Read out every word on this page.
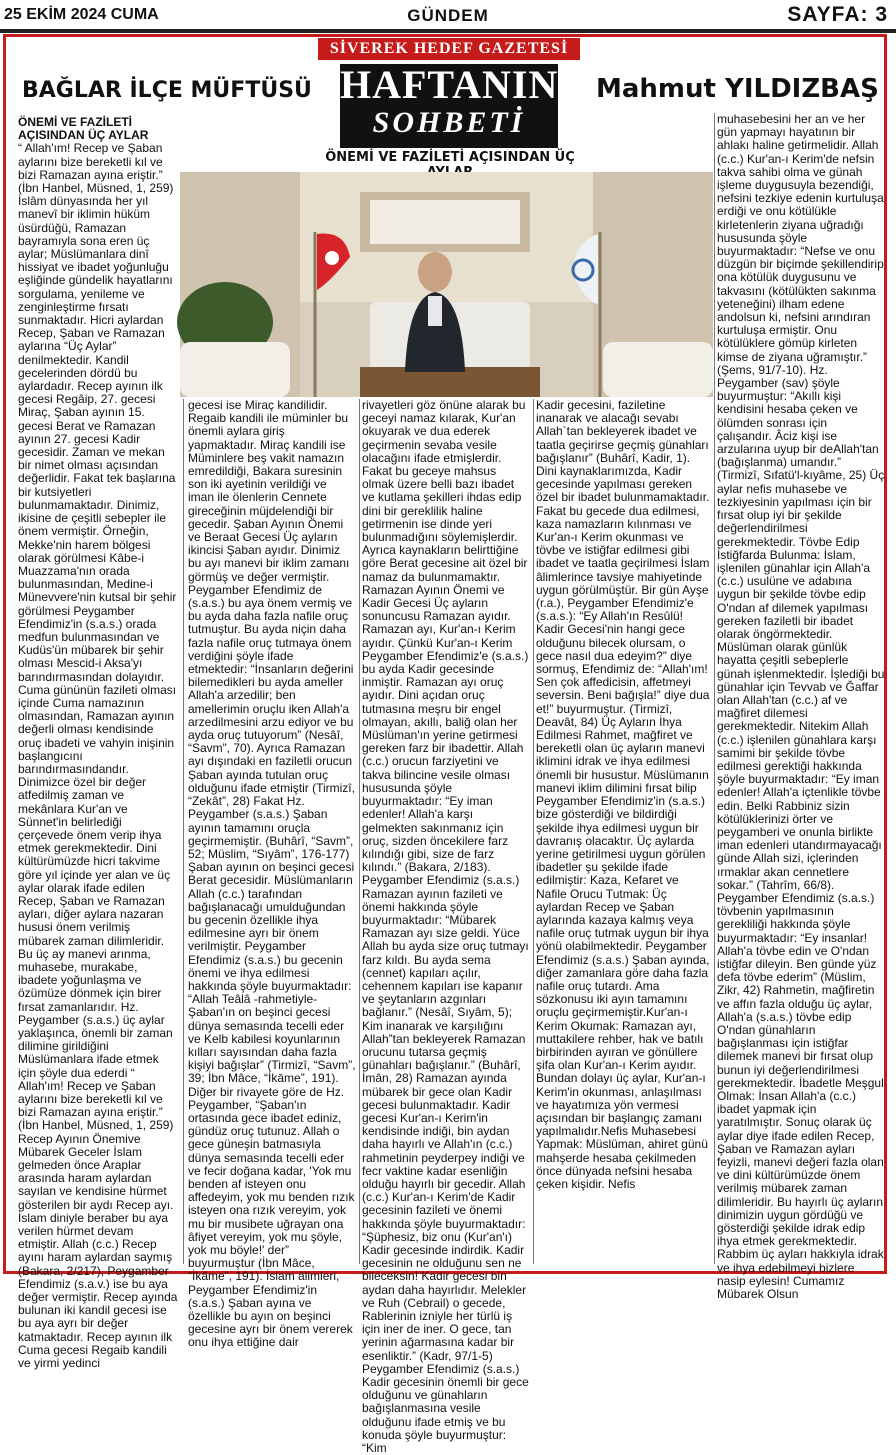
25 EKİM 2024 CUMA	GÜNDEM	SAYFA: 3
SİVEREK HEDEF GAZETESİ
BAĞLAR İLÇE MÜFTÜSÜ HAFTANIN
SOHBETİ
Mahmut YILDIZBAŞ
ÖNEMİ VE FAZİLETİ AÇISINDAN ÜÇ

ÖNEMİ VE FAZİLETİ AÇISINDAN ÜÇ AYLAR

“ Allah'ım! Recep ve Şaban aylarını bize bereketli kıl ve bizi Ramazan ayına eriştir.” (İbn Hanbel, Müsned, 1, 259) İslâm dünyasında her yıl manevî bir iklimin hüküm üsürdüğü, Ramazan bayramıyla sona eren üç aylar; Müslümanlara dinî hissiyat ve ibadet yoğunluğu eşliğinde gündelik hayatlarını sorgulama, yenileme ve zenginleştirme fırsatı sunmaktadır. Hicri aylardan Recep, Şaban ve Ramazan aylarına “Üç Aylar” denilmektedir. Kandil gecelerinden dördü bu aylardadır. Recep ayının ilk gecesi Regâip, 27. gecesi Miraç, Şaban ayının 15. gecesi Berat ve Ramazan ayının 27. gecesi Kadir gecesidir. Zaman ve mekan bir nimet olması açısından değerlidir. Fakat tek başlarına bir kutsiyetleri bulunmamaktadır. Dinimiz, ikisine de çeşitli sebepler ile önem vermiştir. Örneğin, Mekke'nin harem bölgesi olarak görülmesi Kâbe-i Muazzama'nın orada bulunmasından, Medine-i Münevvere'nin kutsal bir şehir görülmesi Peygamber Efendimiz'in (s.a.s.) orada medfun bulunmasından ve Kudüs'ün mübarek bir şehir olması Mescid-i Aksa'yı barındırmasından dolayıdır. Cuma gününün fazileti olması içinde Cuma namazının olmasından, Ramazan ayının değerli olması kendisinde oruç ibadeti ve vahyin inişinin başlangıcını barındırmasındandır. Dinimizce özel bir değer atfedilmiş zaman ve mekânlara Kur'an ve Sünnet'in belirlediği çerçevede önem verip ihya etmek gerekmektedir. Dini kültürümüzde hicri takvime göre yıl içinde yer alan ve üç aylar olarak ifade edilen Recep, Şaban ve Ramazan ayları, diğer aylara nazaran hususi önem verilmiş mübarek zaman dilimleridir. Bu üç ay manevi arınma, muhasebe, murakabe, ibadete yoğunlaşma ve özümüze dönmek için birer fırsat zamanlarıdır. Hz. Peygamber (s.a.s.) üç aylar yaklaşınca, önemli bir zaman dilimine girildiğini Müslümanlara ifade etmek için şöyle dua ederdi “ Allah'ım! Recep ve Şaban aylarını bize bereketli kıl ve bizi Ramazan ayına eriştir.” (İbn Hanbel, Müsned, 1, 259) Recep Ayının Önemive Mübarek Geceler İslam gelmeden önce Araplar arasında haram aylardan sayılan ve kendisine hürmet gösterilen bir aydı Recep ayı. İslam diniyle beraber bu aya verilen hürmet devam etmiştir. Allah (c.c.) Recep ayını haram aylardan saymış (Bakara, 2/217), Peygamber Efendimiz (s.a.v.) ise bu aya değer vermiştir. Recep ayında bulunan iki kandil gecesi ise bu aya ayrı bir değer katmaktadır. Recep ayının ilk Cuma gecesi Regaib kandili ve yirmi yedinci

gecesi ise Miraç kandilidir. Regaib kandili ile müminler bu önemli aylara giriş yapmaktadır. Miraç kandili ise Müminlere beş vakit namazın emredildiği, Bakara suresinin son iki ayetinin verildiği ve iman ile ölenlerin Cennete gireceğinin müjdelendiği bir gecedir. Şaban Ayının Önemi ve Beraat Gecesi Üç ayların ikincisi Şaban ayıdır. Dinimiz bu ayı manevi bir iklim zamanı görmüş ve değer vermiştir. Peygamber Efendimiz de (s.a.s.) bu aya önem vermiş ve bu ayda daha fazla nafile oruç tutmuştur. Bu ayda niçin daha fazla nafile oruç tutmaya önem verdiğini şöyle ifade etmektedir: “İnsanların değerini bilemedikleri bu ayda ameller Allah'a arzedilir; ben amellerimin oruçlu iken Allah'a arzedilmesini arzu ediyor ve bu ayda oruç tutuyorum” (Nesâî, “Savm”, 70). Ayrıca Ramazan ayı dışındaki en faziletli orucun Şaban ayında tutulan oruç olduğunu ifade etmiştir (Tirmizî, “Zekât”, 28) Fakat Hz. Peygamber (s.a.s.) Şaban ayının tamamını oruçla geçirmemiştir. (Buhârî, “Savm”, 52; Müslim, “Sıyâm”, 176-177) Şaban ayının on beşinci gecesi Berat gecesidir. Müslümanların Allah (c.c.) tarafından bağışlanacağı umulduğundan bu gecenin özellikle ihya edilmesine ayrı bir önem verilmiştir. Peygamber Efendimiz (s.a.s.) bu gecenin önemi ve ihya edilmesi hakkında şöyle buyurmaktadır: “Allah Teâlâ -rahmetiyle- Şaban'ın on beşinci gecesi dünya semasında tecelli eder ve Kelb kabilesi koyunlarının kılları sayısından daha fazla kişiyi bağışlar” (Tirmizî, “Savm”, 39; İbn Mâce, “İkāme”, 191). Diğer bir rivayete göre de Hz. Peygamber, “Şaban'ın ortasında gece ibadet ediniz, gündüz oruç tutunuz. Allah o gece güneşin batmasıyla dünya semasında tecelli eder ve fecir doğana kadar, 'Yok mu benden af isteyen onu affedeyim, yok mu benden rızık isteyen ona rızık vereyim, yok mu bir musibete uğrayan ona âfiyet vereyim, yok mu şöyle, yok mu böyle!' der” buyurmuştur (İbn Mâce, “İkāme”, 191). İslam âlimleri, Peygamber Efendimiz'in (s.a.s.) Şaban ayına ve özellikle bu ayın on beşinci gecesine ayrı bir önem vererek onu ihya ettiğine dair

rivayetleri göz önüne alarak bu geceyi namaz kılarak, Kur'an okuyarak ve dua ederek geçirmenin sevaba vesile olacağını ifade etmişlerdir. Fakat bu geceye mahsus olmak üzere belli bazı ibadet ve kutlama şekilleri ihdas edip dini bir gereklilik haline getirmenin ise dinde yeri bulunmadığını söylemişlerdir. Ayrıca kaynakların belirttiğine göre Berat gecesine ait özel bir namaz da bulunmamaktır. Ramazan Ayının Önemi ve Kadir Gecesi Üç ayların sonuncusu Ramazan ayıdır. Ramazan ayı, Kur'an-ı Kerim ayıdır. Çünkü Kur'an-ı Kerim Peygamber Efendimiz'e (s.a.s.) bu ayda Kadir gecesinde inmiştir. Ramazan ayı oruç ayıdır. Dini açıdan oruç tutmasına meşru bir engel olmayan, akıllı, baliğ olan her Müslüman'ın yerine getirmesi gereken farz bir ibadettir. Allah (c.c.) orucun farziyetini ve takva bilincine vesile olması hususunda şöyle buyurmaktadır: “Ey iman edenler! Allah'a karşı gelmekten sakınmanız için oruç, sizden öncekilere farz kılındığı gibi, size de farz kılındı.” (Bakara, 2/183). Peygamber Efendimiz (s.a.s.) Ramazan ayının fazileti ve önemi hakkında şöyle buyurmaktadır: “Mübarek Ramazan ayı size geldi. Yüce Allah bu ayda size oruç tutmayı farz kıldı. Bu ayda sema (cennet) kapıları açılır, cehennem kapıları ise kapanır ve şeytanların azgınları bağlanır.” (Nesâî, Sıyâm, 5); Kim inanarak ve karşılığını Allah”tan bekleyerek Ramazan orucunu tutarsa geçmiş günahları bağışlanır.” (Buhârî, İmân, 28) Ramazan ayında mübarek bir gece olan Kadir gecesi bulunmaktadır. Kadir gecesi Kur'an-ı Kerim'in kendisinde indiği, bin aydan daha hayırlı ve Allah'ın (c.c.) rahmetinin peyderpey indiği ve fecr vaktine kadar esenliğin olduğu hayırlı bir gecedir. Allah (c.c.) Kur'an-ı Kerim'de Kadir gecesinin fazileti ve önemi hakkında şöyle buyurmaktadır: “Şüphesiz, biz onu (Kur'an'ı) Kadir gecesinde indirdik. Kadir gecesinin ne olduğunu sen ne bileceksin! Kadir gecesi bin aydan daha hayırlıdır. Melekler ve Ruh (Cebrail) o gecede, Rablerinin izniyle her türlü iş için iner de iner. O gece, tan yerinin ağarmasına kadar bir esenliktir.” (Kadr, 97/1-5) Peygamber Efendimiz (s.a.s.) Kadir gecesinin önemli bir gece olduğunu ve günahların bağışlanmasına vesile olduğunu ifade etmiş ve bu konuda şöyle buyurmuştur: “Kim

Kadir gecesini, faziletine inanarak ve alacağı sevabı Allah`tan bekleyerek ibadet ve taatla geçirirse geçmiş günahları bağışlanır” (Buhârî, Kadir, 1). Dini kaynaklarımızda, Kadir gecesinde yapılması gereken özel bir ibadet bulunmamaktadır. Fakat bu gecede dua edilmesi, kaza namazların kılınması ve Kur'an-ı Kerim okunması ve tövbe ve istiğfar edilmesi gibi ibadet ve taatla geçirilmesi İslam âlimlerince tavsiye mahiyetinde uygun görülmüştür. Bir gün Ayşe (r.a.), Peygamber Efendimiz'e (s.a.s.): “Ey Allah'ın Resûlü! Kadir Gecesi'nin hangi gece olduğunu bilecek olursam, o gece nasıl dua edeyim?” diye sormuş, Efendimiz de: “Allah'ım! Sen çok affedicisin, affetmeyi seversin. Beni bağışla!” diye dua et!” buyurmuştur. (Tirmizî, Deavât, 84) Üç Ayların İhya Edilmesi Rahmet, mağfiret ve bereketli olan üç ayların manevi iklimini idrak ve ihya edilmesi önemli bir husustur. Müslümanın manevi iklim dilimini fırsat bilip Peygamber Efendimiz'in (s.a.s.) bize gösterdiği ve bildirdiği şekilde ihya edilmesi uygun bir davranış olacaktır. Üç aylarda yerine getirilmesi uygun görülen ibadetler şu şekilde ifade edilmiştir: Kaza, Kefaret ve Nafile Orucu Tutmak: Üç aylardan Recep ve Şaban aylarında kazaya kalmış veya nafile oruç tutmak uygun bir ihya yönü olabilmektedir. Peygamber Efendimiz (s.a.s.) Şaban ayında, diğer zamanlara göre daha fazla nafile oruç tutardı. Ama sözkonusu iki ayın tamamını oruçlu geçirmemiştir.Kur'an-ı Kerim Okumak: Ramazan ayı, muttakilere rehber, hak ve batılı birbirinden ayıran ve gönüllere şifa olan Kur'an-ı Kerim ayıdır. Bundan dolayı üç aylar, Kur'an-ı Kerim'in okunması, anlaşılması ve hayatımıza yön vermesi açısından bir başlangıç zamanı yapılmalıdır.Nefis Muhasebesi Yapmak: Müslüman, ahiret günü mahşerde hesaba çekilmeden önce dünyada nefsini hesaba çeken kişidir. Nefis

muhasebesini her an ve her gün yapmayı hayatının bir ahlakı haline getirmelidir. Allah (c.c.) Kur'an-ı Kerim'de nefsin takva sahibi olma ve günah işleme duygusuyla bezendiği, nefsini tezkiye edenin kurtuluşa erdiği ve onu kötülükle kirletenlerin ziyana uğradığı hususunda şöyle buyurmaktadır: “Nefse ve onu düzgün bir biçimde şekillendirip ona kötülük duygusunu ve takvasını (kötülükten sakınma yeteneğini) ilham edene andolsun ki, nefsini arındıran kurtuluşa ermiştir. Onu kötülüklere gömüp kirleten kimse de ziyana uğramıştır.” (Şems, 91/7-10). Hz. Peygamber (sav) şöyle buyurmuştur: “Akıllı kişi kendisini hesaba çeken ve ölümden sonrası için çalışandır. Âciz kişi ise arzularına uyup bir deAllah'tan (bağışlanma) umandır.” (Tirmizî, Sıfatü'l-kıyâme, 25) Üç aylar nefis muhasebe ve tezkiyesinin yapılması için bir fırsat olup iyi bir şekilde değerlendirilmesi gerekmektedir. Tövbe Edip İstiğfarda Bulunma: İslam, işlenilen günahlar için Allah'a (c.c.) usulüne ve adabına uygun bir şekilde tövbe edip O'ndan af dilemek yapılması gereken faziletli bir ibadet olarak öngörmektedir. Müslüman olarak günlük hayatta çeşitli sebeplerle günah işlenmektedir. İşlediği bu günahlar için Tevvab ve Ğaffar olan Allah'tan (c.c.) af ve mağfiret dilemesi gerekmektedir. Nitekim Allah (c.c.) işlenilen günahlara karşı samimi bir şekilde tövbe edilmesi gerektiği hakkında şöyle buyurmaktadır: “Ey iman edenler! Allah'a içtenlikle tövbe edin. Belki Rabbiniz sizin kötülüklerinizi örter ve peygamberi ve onunla birlikte iman edenleri utandırmayacağı günde Allah sizi, içlerinden ırmaklar akan cennetlere sokar.” (Tahrîm, 66/8). Peygamber Efendimiz (s.a.s.) tövbenin yapılmasının gerekliliği hakkında şöyle buyurmaktadır: “Ey insanlar! Allah'a tövbe edin ve O'ndan istiğfar dileyin. Ben günde yüz defa tövbe ederim” (Müslim, Zikr, 42) Rahmetin, mağfiretin ve affın fazla olduğu üç aylar, Allah'a (s.a.s.) tövbe edip O'ndan günahların bağışlanması için istiğfar dilemek manevi bir fırsat olup bunun iyi değerlendirilmesi gerekmektedir. İbadetle Meşgul Olmak: İnsan Allah'a (c.c.) ibadet yapmak için yaratılmıştır. Sonuç olarak üç aylar diye ifade edilen Recep, Şaban ve Ramazan ayları feyizli, manevi değeri fazla olan ve dini kültürümüzde önem verilmiş mübarek zaman dilimleridir. Bu hayırlı üç ayların dinimizin uygun gördüğü ve gösterdiği şekilde idrak edip ihya etmek gerekmektedir. Rabbim üç ayları hakkıyla idrak ve ihya edebilmeyi bizlere nasip eylesin! Cumamız Mübarek Olsun
